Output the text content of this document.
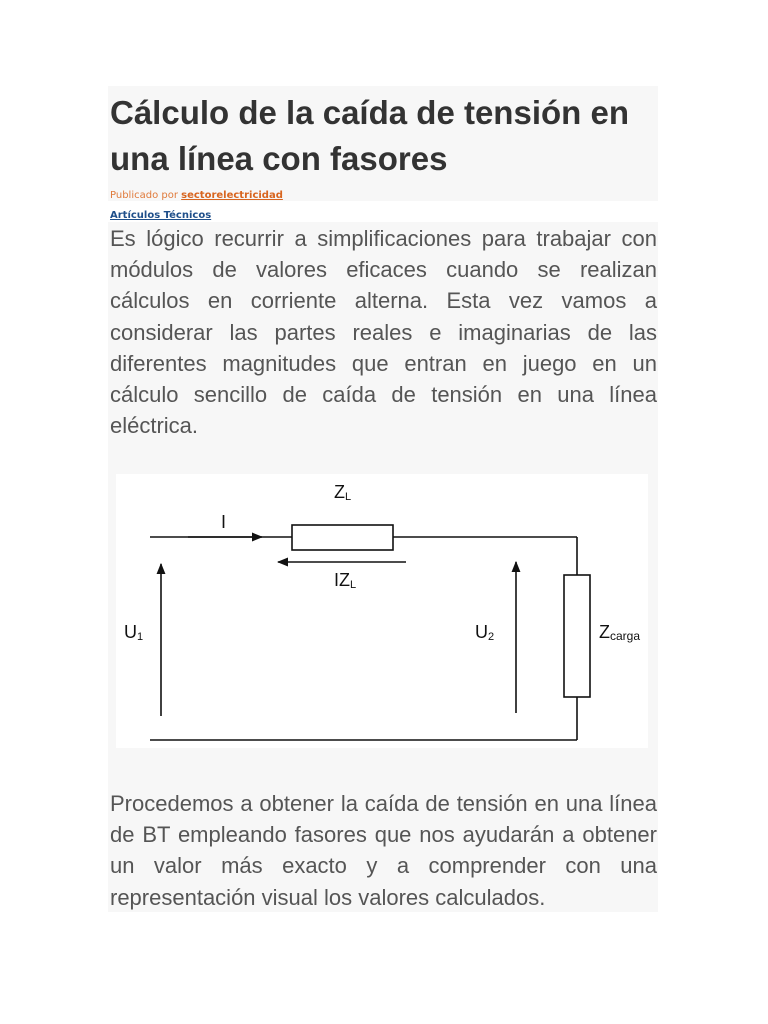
Cálculo de la caída de tensión en una línea con fasores
Publicado por sectorelectricidad
Artículos Técnicos

Es lógico recurrir a simplificaciones para trabajar con módulos de valores eficaces cuando se realizan cálculos en corriente alterna. Esta vez vamos a considerar las partes reales e imaginarias de las diferentes magnitudes que entran en juego en un cálculo sencillo de caída de tensión en una línea eléctrica.

I
ZL
IZL
U1	U2	Zcarga

Procedemos a obtener la caída de tensión en una línea de BT empleando fasores que nos ayudarán a obtener un valor más exacto y a comprender con una representación visual los valores calculados.
